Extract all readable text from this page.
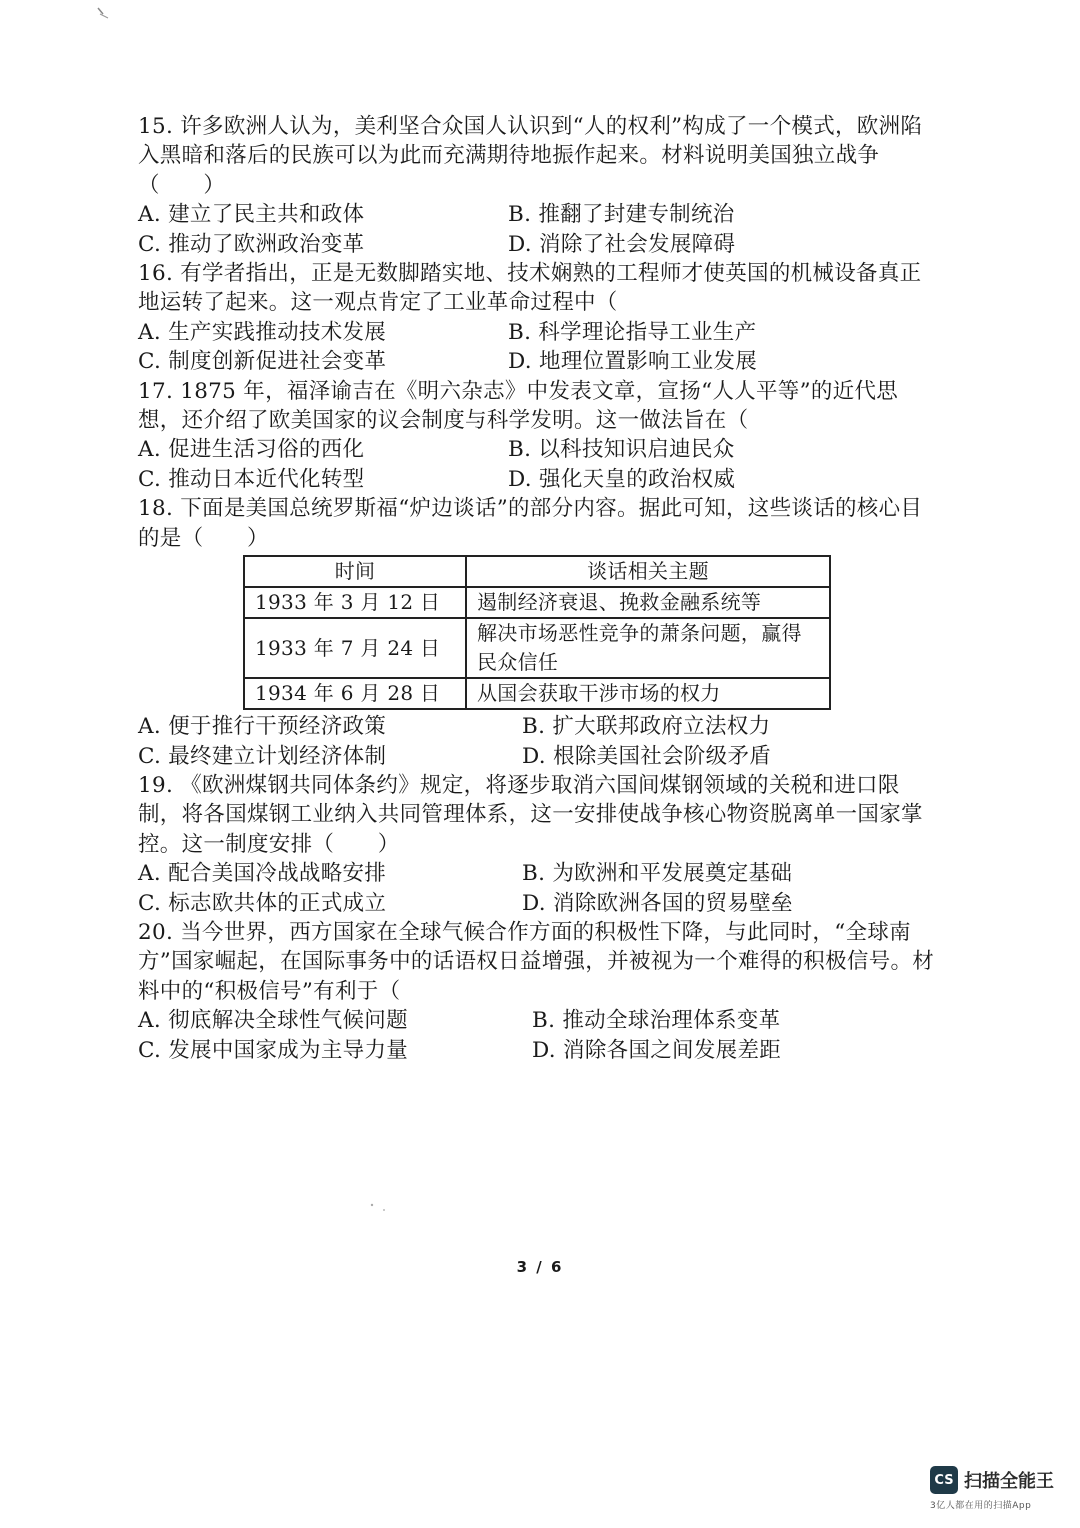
15. 许多欧洲人认为，美利坚合众国人认识到“人的权利”构成了一个模式，欧洲陷入黑暗和落后的民族可以为此而充满期待地振作起来。材料说明美国独立战争（　　）
A. 建立了民主共和政体	B. 推翻了封建专制统治
C. 推动了欧洲政治变革	D. 消除了社会发展障碍
16. 有学者指出，正是无数脚踏实地、技术娴熟的工程师才使英国的机械设备真正地运转了起来。这一观点肯定了工业革命过程中（
A. 生产实践推动技术发展	B. 科学理论指导工业生产
C. 制度创新促进社会变革	D. 地理位置影响工业发展
17. 1875 年，福泽谕吉在《明六杂志》中发表文章，宣扬“人人平等”的近代思想，还介绍了欧美国家的议会制度与科学发明。这一做法旨在（
A. 促进生活习俗的西化	B. 以科技知识启迪民众
C. 推动日本近代化转型	D. 强化天皇的政治权威
18. 下面是美国总统罗斯福“炉边谈话”的部分内容。据此可知，这些谈话的核心目的是（　　）
时间	谈话相关主题
1933 年 3 月 12 日	遏制经济衰退、挽救金融系统等
1933 年 7 月 24 日	解决市场恶性竞争的萧条问题，赢得民众信任
1934 年 6 月 28 日	从国会获取干涉市场的权力
A. 便于推行干预经济政策	B. 扩大联邦政府立法权力
C. 最终建立计划经济体制	D. 根除美国社会阶级矛盾
19. 《欧洲煤钢共同体条约》规定，将逐步取消六国间煤钢领域的关税和进口限制，将各国煤钢工业纳入共同管理体系，这一安排使战争核心物资脱离单一国家掌控。这一制度安排（　　）
A. 配合美国冷战战略安排	B. 为欧洲和平发展奠定基础
C. 标志欧共体的正式成立	D. 消除欧洲各国的贸易壁垒
20. 当今世界，西方国家在全球气候合作方面的积极性下降，与此同时，“全球南方”国家崛起，在国际事务中的话语权日益增强，并被视为一个难得的积极信号。材料中的“积极信号”有利于（
A. 彻底解决全球性气候问题	B. 推动全球治理体系变革
C. 发展中国家成为主导力量	D. 消除各国之间发展差距
3 / 6
CS 扫描全能王
3亿人都在用的扫描App
